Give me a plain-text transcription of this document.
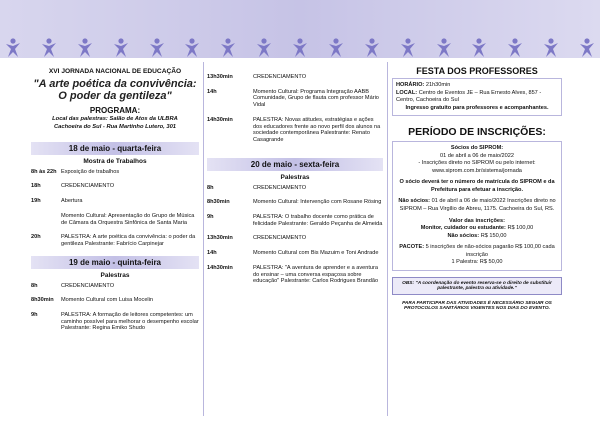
XVI JORNADA NACIONAL DE EDUCAÇÃO
"A arte poética da convivência:
O poder da gentileza"
PROGRAMA:
Local das palestras: Salão de Atos da ULBRA
Cachoeira do Sul - Rua Martinho Lutero, 301
18 de maio - quarta-feira
Mostra de Trabalhos
8h às 22h Exposição de trabalhos
18h	CREDENCIAMENTO
19h	Abertura
Momento Cultural: Apresentação do Grupo de Música de Câmara da Orquestra Sinfônica de Santa Maria
20h	PALESTRA: A arte poética da convivência: o poder da gentileza Palestrante: Fabrício Carpinejar
19 de maio - quinta-feira
Palestras
8h	CREDENCIAMENTO
8h30min	Momento Cultural com Luisa Mocelin
9h	PALESTRA: A formação de leitores competentes: um caminho possível para melhorar o desempenho escolar Palestrante: Regina Emiko Shudo
13h30min	CREDENCIAMENTO
14h	Momento Cultural: Programa Integração AABB Comunidade, Grupo de flauta com professor Mário Vidal
14h30min	PALESTRA: Novas atitudes, estratégias e ações dos educadores frente ao novo perfil dos alunos na sociedade contemporânea Palestrante: Renato Casagrande
20 de maio - sexta-feira
Palestras
8h	CREDENCIAMENTO
8h30min	Momento Cultural: Intervenção com Rosane Rösing
9h	PALESTRA: O trabalho docente como prática de felicidade Palestrante: Geraldo Peçanha de Almeida
13h30min	CREDENCIAMENTO
14h	Momento Cultural com Bis Mazuim e Toni Andrade
14h30min	PALESTRA: "A aventura de aprender e a aventura do ensinar – uma conversa espaçosa sobre educação" Palestrante: Carlos Rodrigues Brandão
FESTA DOS PROFESSORES
HORÁRIO: 21h30min
LOCAL: Centro de Eventos JE – Rua Ernesto Alves, 857 - Centro, Cachoeira do Sul
Ingresso gratuito para professores e acompanhantes.
PERÍODO DE INSCRIÇÕES:
Sócios do SIPROM:
01 de abril a 06 de maio/2022
- Inscrições direto no SIPROM ou pelo internet: www.siprom.com.br/sistema/jornada
O sócio deverá ter o número de matrícula do SIPROM e da Prefeitura para efetuar a inscrição.
Não sócios: 01 de abril a 06 de maio/2022 Inscrições direto no SIPROM – Rua Virgílio de Abreu, 1175. Cachoeira do Sul, RS.
Valor das inscrições:
Monitor, cuidador ou estudante: R$ 100,00
Não sócios: R$ 150,00
PACOTE: 5 inscrições de não-sócios pagarão R$ 100,00 cada inscrição
1 Palestra: R$ 50,00
OBS: "A coordenação do evento reserva-se o direito de substituir palestrante, palestra ou atividade."
PARA PARTICIPAR DAS ATIVIDADES É NECESSÁRIO SEGUIR OS PROTOCOLOS SANITÁRIOS VIGENTES NOS DIAS DO EVENTO.
